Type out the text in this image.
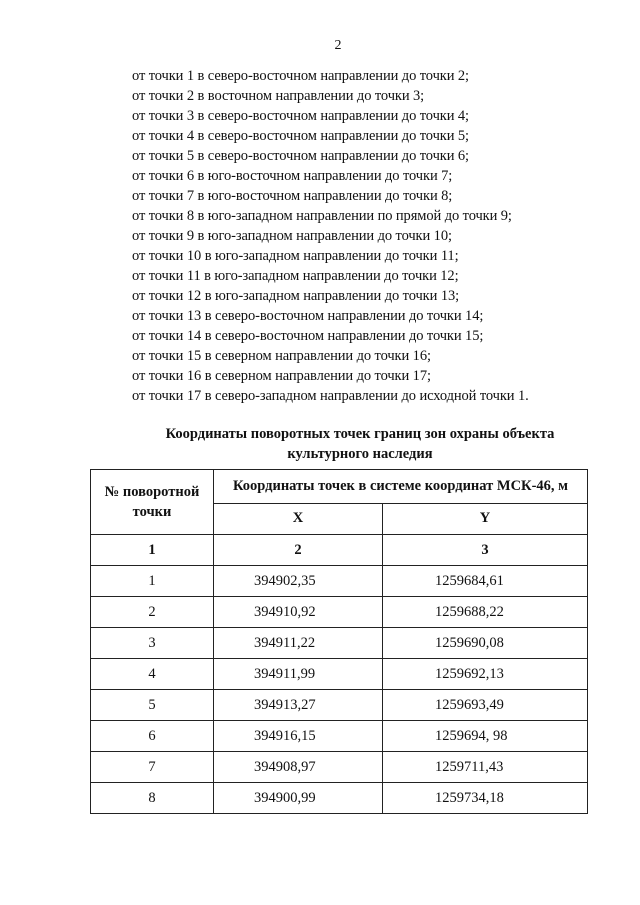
2
от точки 1 в северо-восточном направлении до точки 2;
от точки 2 в восточном направлении до точки 3;
от точки 3 в северо-восточном направлении до точки 4;
от точки 4 в северо-восточном направлении до точки 5;
от точки 5 в северо-восточном направлении до точки 6;
от точки 6 в юго-восточном направлении до точки 7;
от точки 7 в юго-восточном направлении до точки 8;
от точки 8 в юго-западном направлении по прямой до точки 9;
от точки 9 в юго-западном направлении до точки 10;
от точки 10 в юго-западном направлении до точки 11;
от точки 11 в юго-западном направлении до точки 12;
от точки 12 в юго-западном направлении до точки 13;
от точки 13 в северо-восточном направлении до точки 14;
от точки 14 в северо-восточном направлении до точки 15;
от точки 15 в северном направлении до точки 16;
от точки 16 в северном направлении до точки 17;
от точки 17 в северо-западном направлении до исходной точки 1.
Координаты поворотных точек границ зон охраны объекта
культурного наследия
№ поворотной
точки	Координаты точек в системе координат МСК-46, м	
	X	Y
1	2	3
1	394902,35	1259684,61
2	394910,92	1259688,22
3	394911,22	1259690,08
4	394911,99	1259692,13
5	394913,27	1259693,49
6	394916,15	1259694, 98
7	394908,97	1259711,43
8	394900,99	1259734,18
